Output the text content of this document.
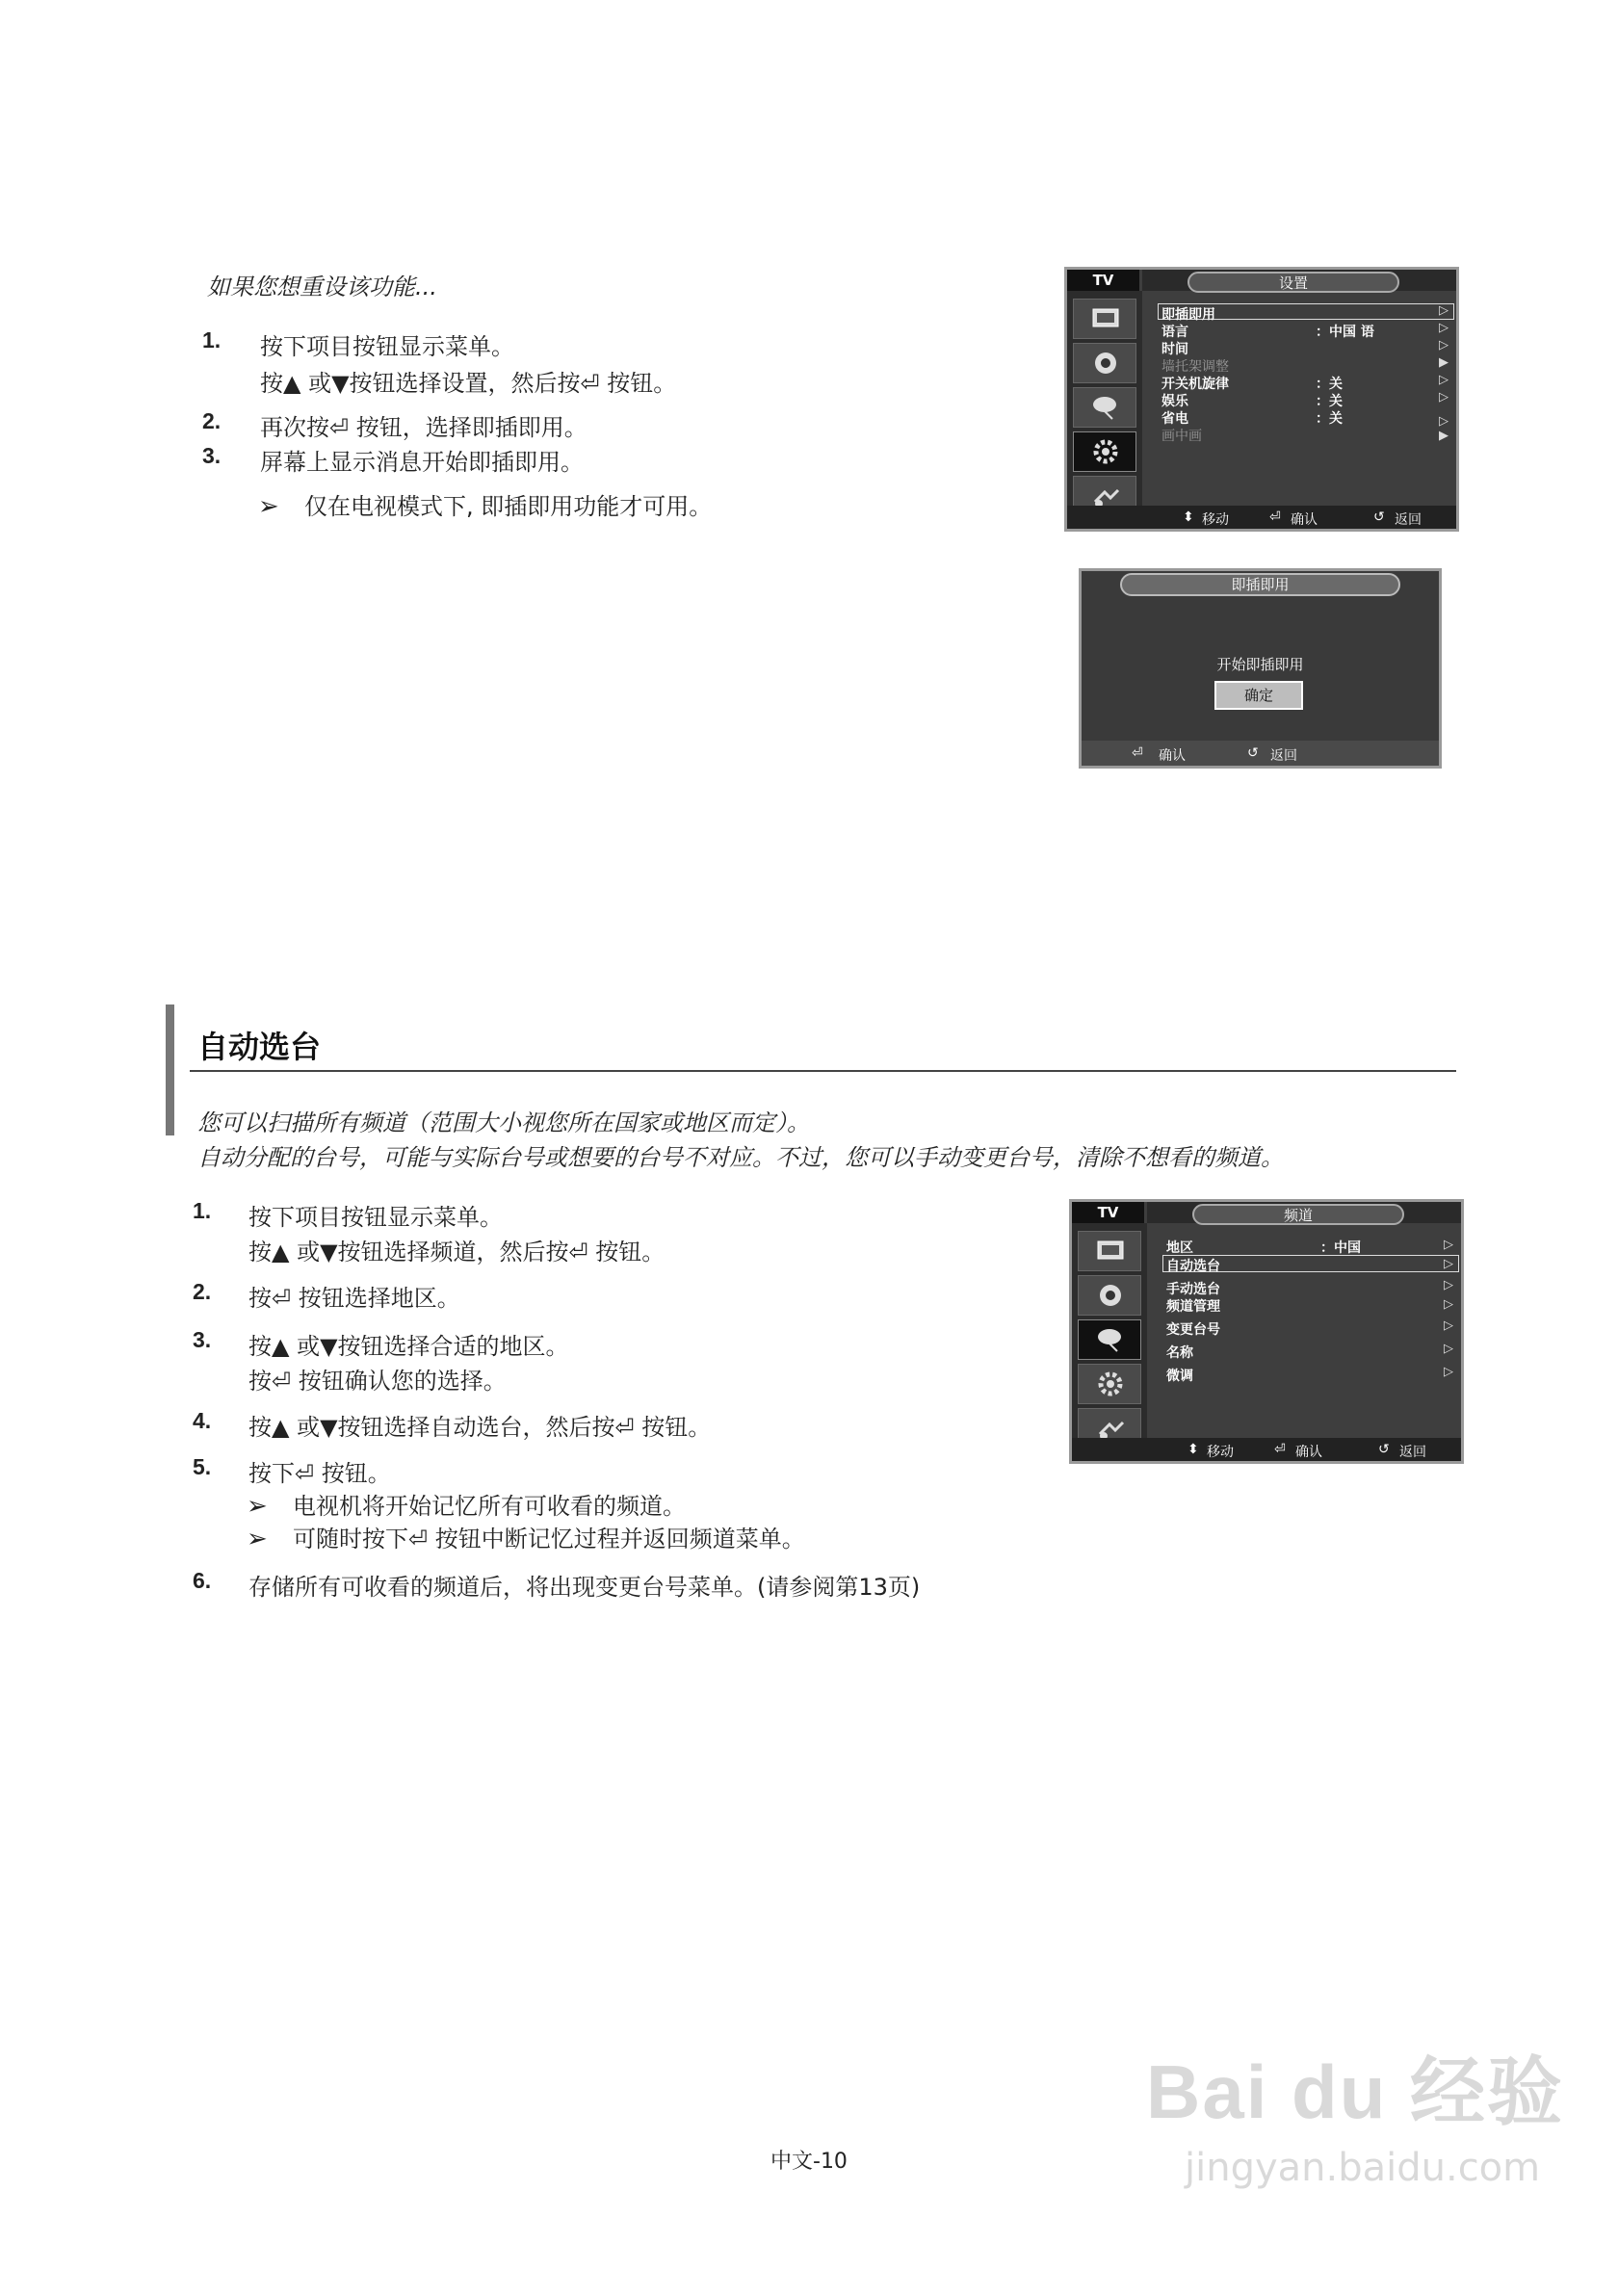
如果您想重设该功能...
1. 按下项目按钮显示菜单。
按▲ 或▼按钮选择设置，然后按⏎ 按钮。
2. 再次按⏎ 按钮，选择即插即用。
3. 屏幕上显示消息开始即插即用。
➢ 仅在电视模式下, 即插即用功能才可用。
TV	设置
即插即用
语言	：中国 语
时间
墙托架调整
开关机旋律	：关
娱乐	：关
省电	：关
画中画
▷
▷
▷
▶
▷
▷
▷
▶
⬍ 移动	⏎ 确认	↺ 返回
即插即用
开始即插即用
确定
⏎ 确认	↺ 返回
自动选台
您可以扫描所有频道（范围大小视您所在国家或地区而定）。
自动分配的台号，可能与实际台号或想要的台号不对应。不过，您可以手动变更台号，清除不想看的频道。
1. 按下项目按钮显示菜单。
按▲ 或▼按钮选择频道，然后按⏎ 按钮。
2. 按⏎ 按钮选择地区。
3. 按▲ 或▼按钮选择合适的地区。
按⏎ 按钮确认您的选择。
4. 按▲ 或▼按钮选择自动选台，然后按⏎ 按钮。
5. 按下⏎ 按钮。
➢ 电视机将开始记忆所有可收看的频道。
➢ 可随时按下⏎ 按钮中断记忆过程并返回频道菜单。
6. 存储所有可收看的频道后，将出现变更台号菜单。(请参阅第13页)
TV	频道
地区	：中国
自动选台
手动选台
频道管理
变更台号
名称
微调
▷
▷
▷
▷
▷
▷
▷
⬍ 移动	⏎ 确认	↺ 返回
中文-10
Bai du 经验
jingyan.baidu.com
